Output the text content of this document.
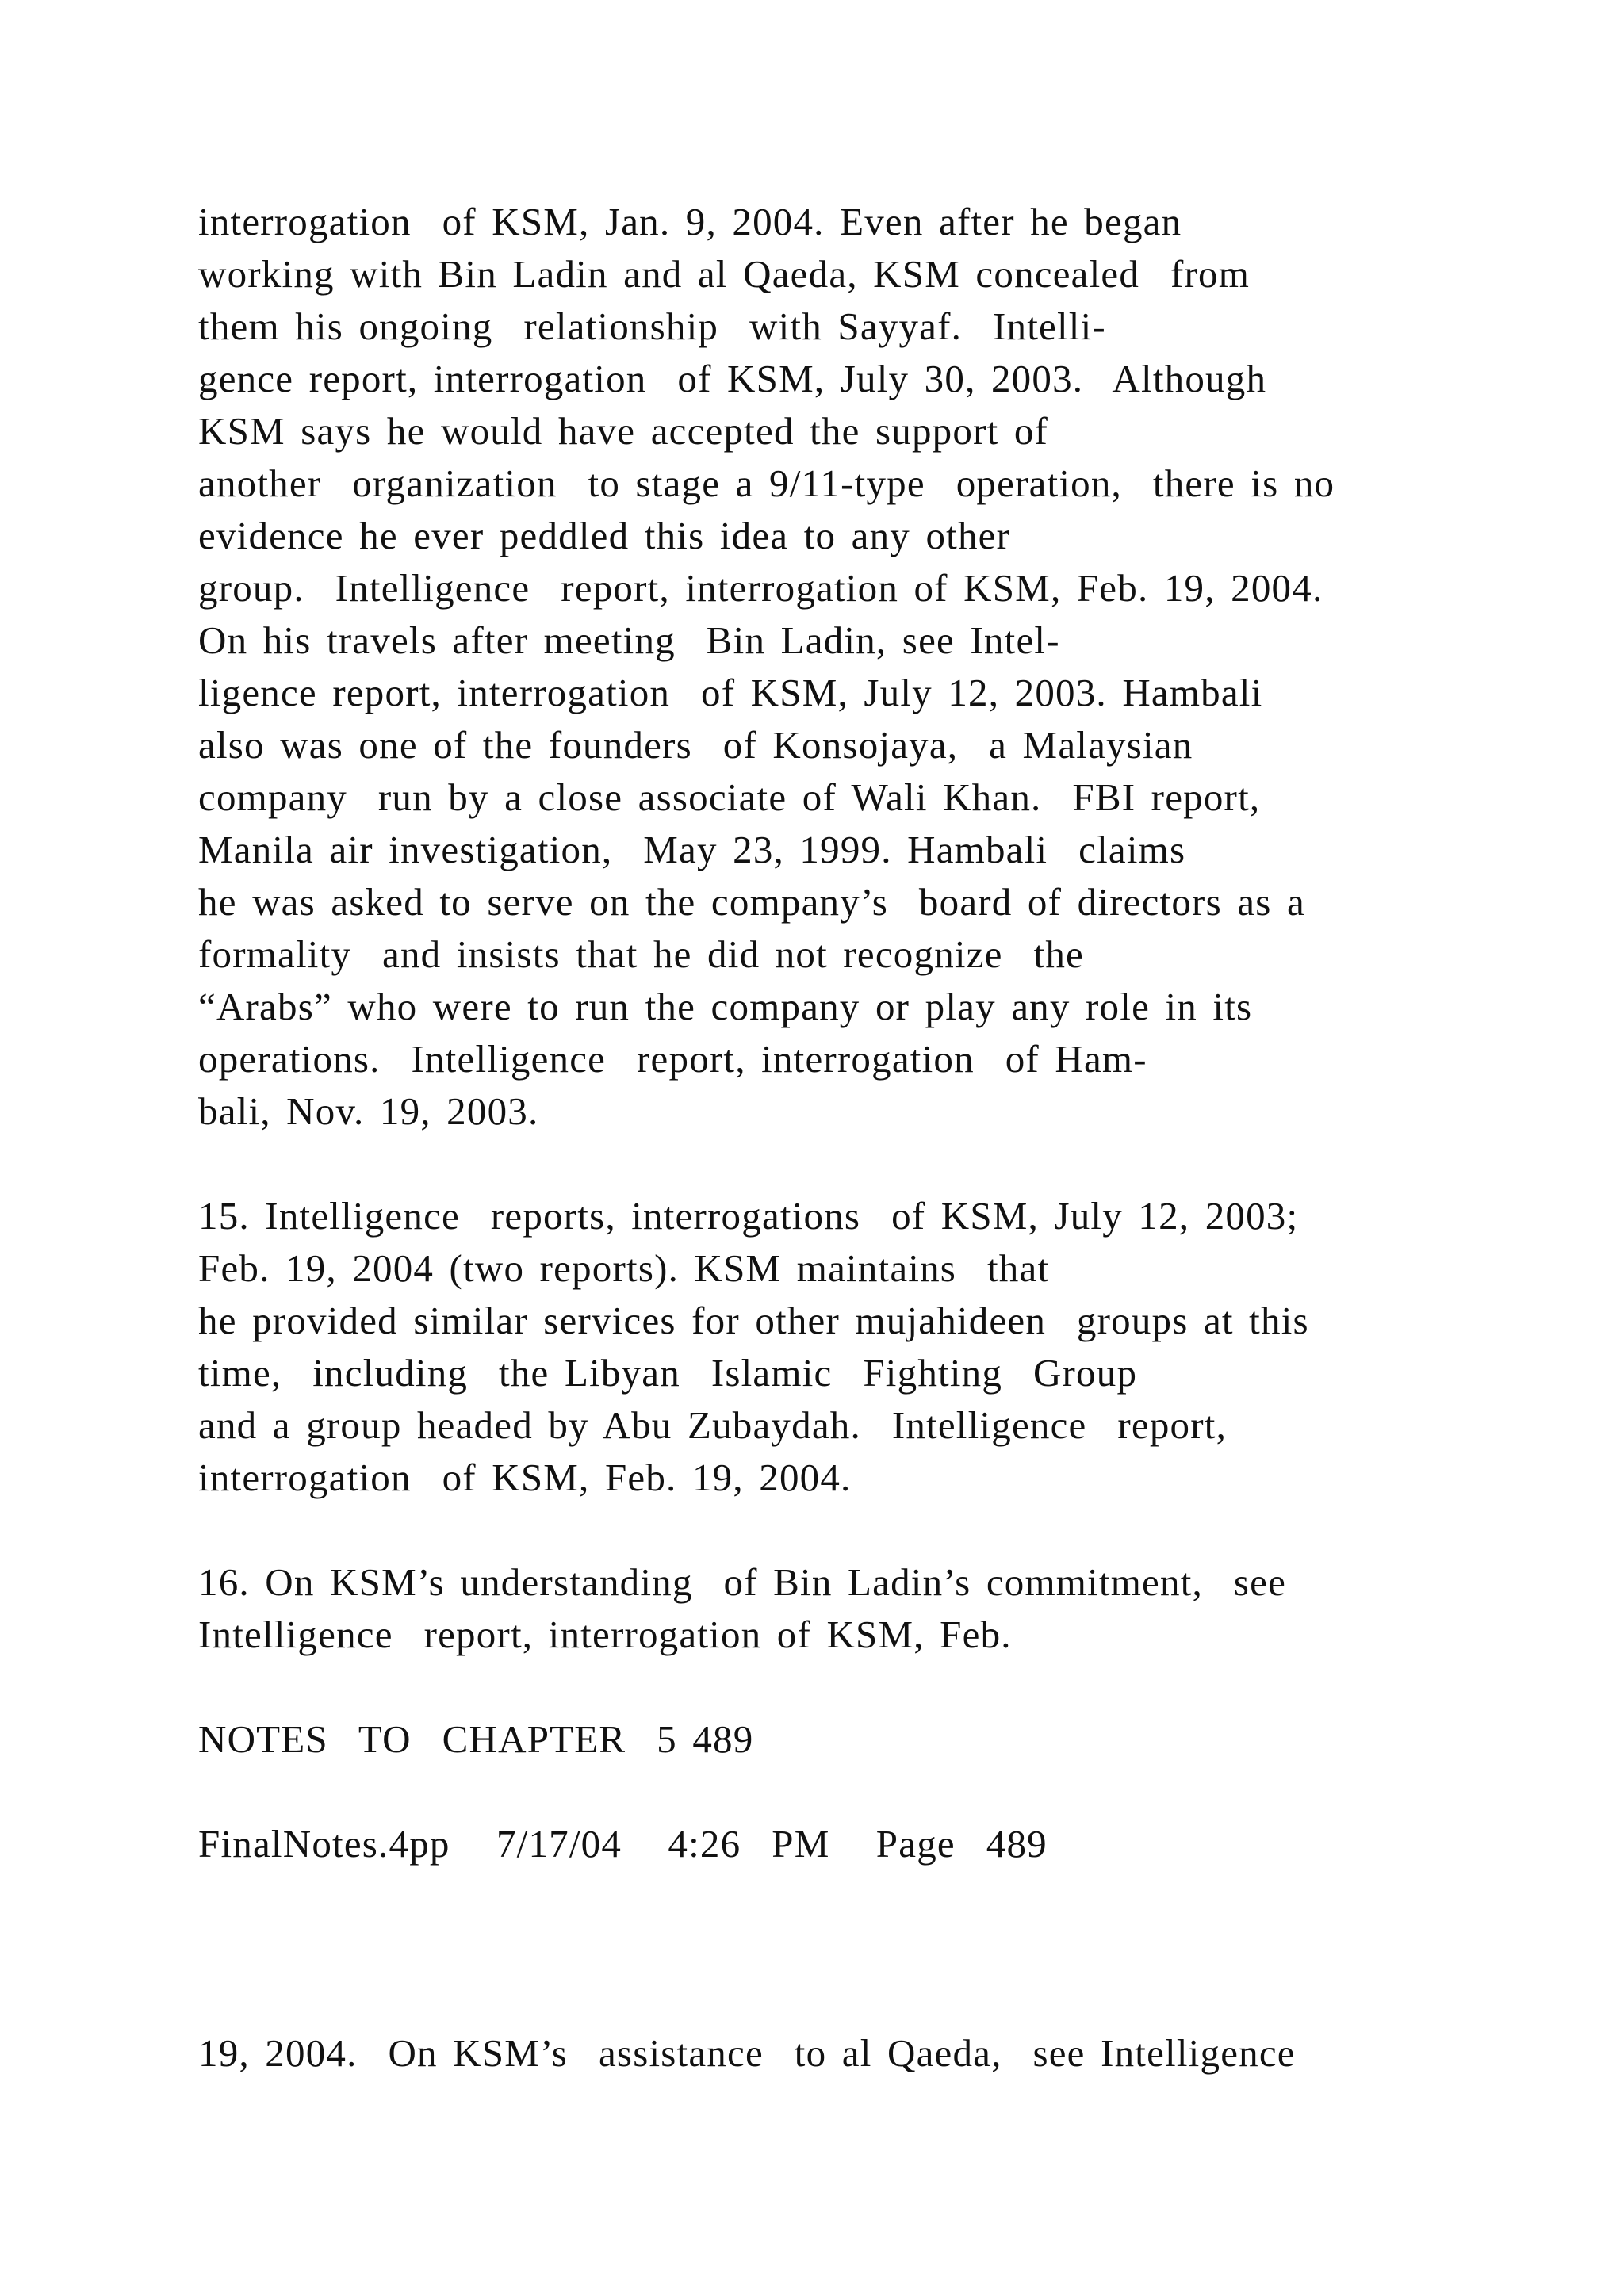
interrogation  of KSM, Jan. 9, 2004. Even after he began
working with Bin Ladin and al Qaeda, KSM concealed  from
them his ongoing  relationship  with Sayyaf.  Intelli-
gence report, interrogation  of KSM, July 30, 2003.  Although
KSM says he would have accepted the support of
another  organization  to stage a 9/11-type  operation,  there is no
evidence he ever peddled this idea to any other
group.  Intelligence  report, interrogation of KSM, Feb. 19, 2004.
On his travels after meeting  Bin Ladin, see Intel-
ligence report, interrogation  of KSM, July 12, 2003. Hambali
also was one of the founders  of Konsojaya,  a Malaysian
company  run by a close associate of Wali Khan.  FBI report,
Manila air investigation,  May 23, 1999. Hambali  claims
he was asked to serve on the company’s  board of directors as a
formality  and insists that he did not recognize  the
“Arabs” who were to run the company or play any role in its
operations.  Intelligence  report, interrogation  of Ham-
bali, Nov. 19, 2003.
15. Intelligence  reports, interrogations  of KSM, July 12, 2003;
Feb. 19, 2004 (two reports). KSM maintains  that
he provided similar services for other mujahideen  groups at this
time,  including  the Libyan  Islamic  Fighting  Group
and a group headed by Abu Zubaydah.  Intelligence  report,
interrogation  of KSM, Feb. 19, 2004.
16. On KSM’s understanding  of Bin Ladin’s commitment,  see
Intelligence  report, interrogation of KSM, Feb.
NOTES  TO  CHAPTER  5 489
FinalNotes.4pp   7/17/04   4:26  PM   Page  489
19, 2004.  On KSM’s  assistance  to al Qaeda,  see Intelligence
